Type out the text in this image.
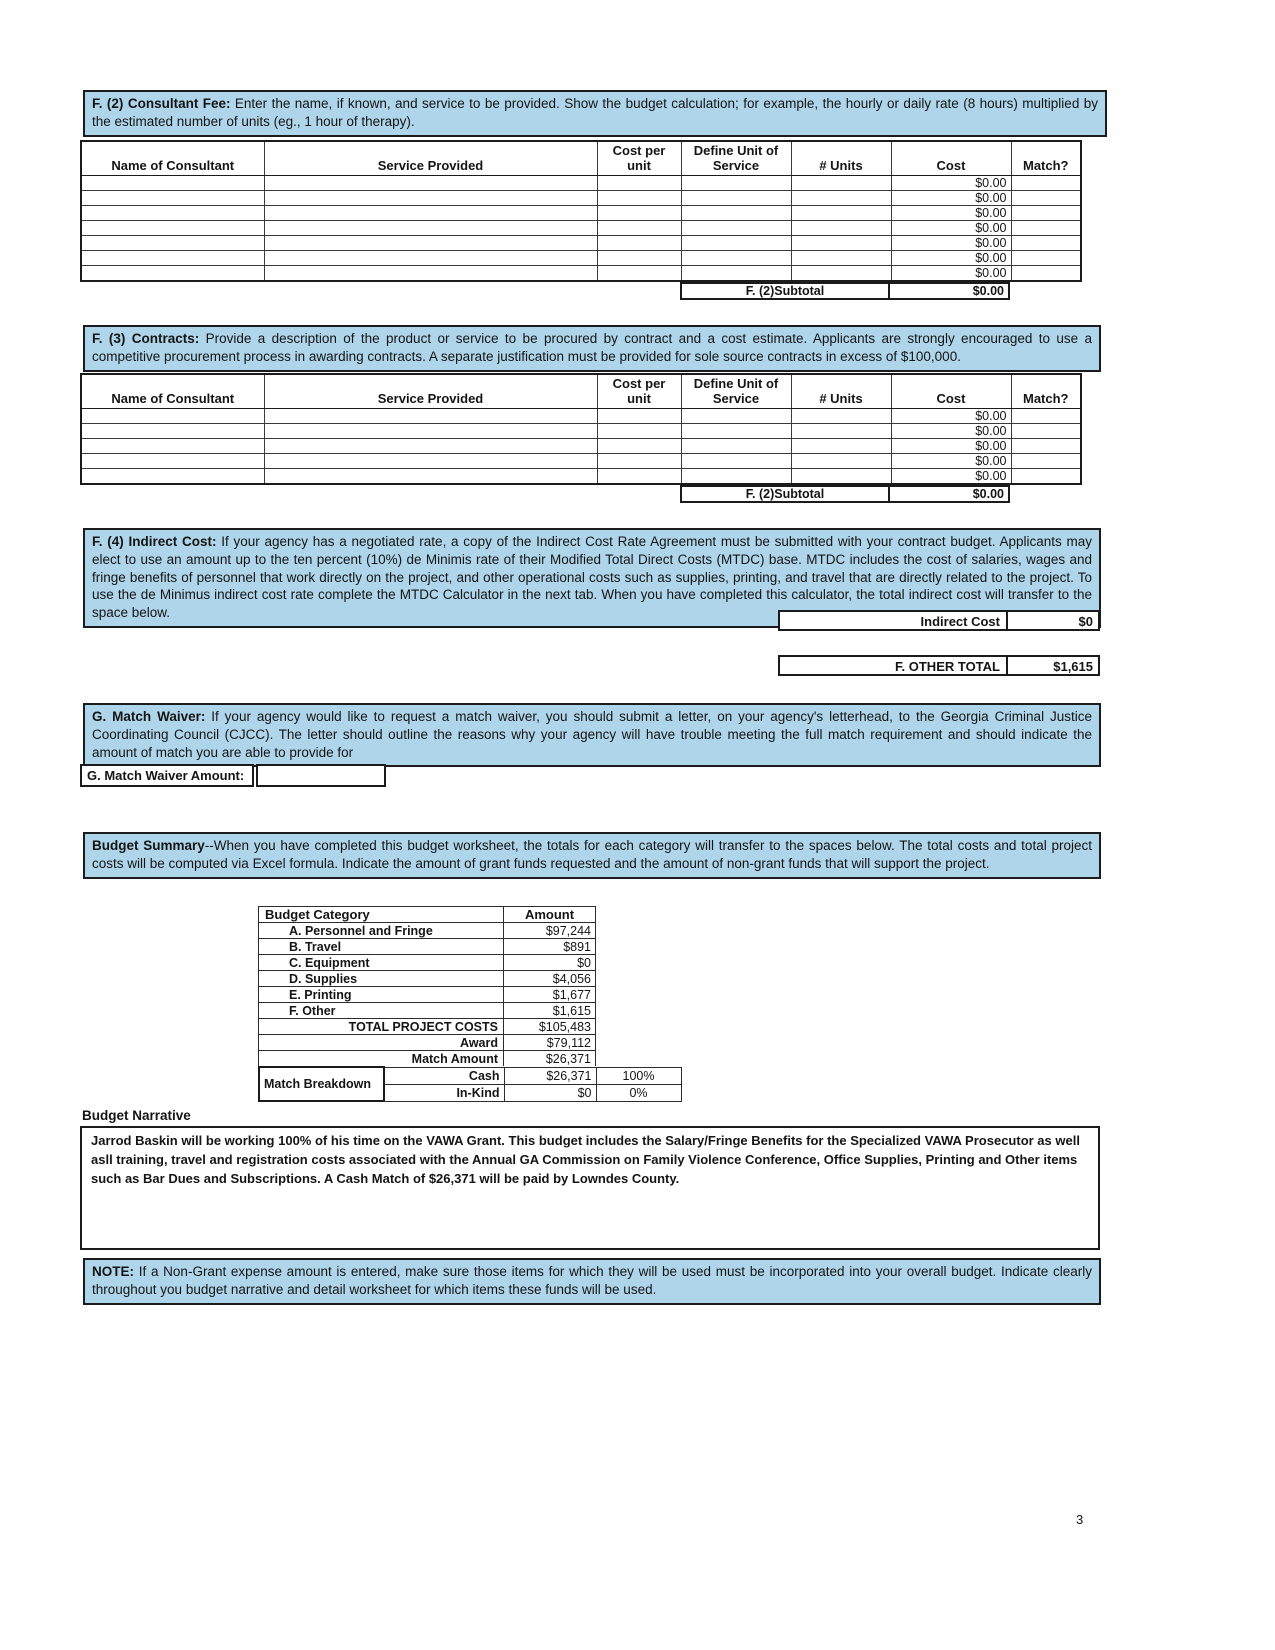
F. (2) Consultant Fee: Enter the name, if known, and service to be provided. Show the budget calculation; for example, the hourly or daily rate (8 hours) multiplied by the estimated number of units (eg., 1 hour of therapy).
Name of Consultant	Service Provided	Cost per unit	Define Unit of Service	# Units	Cost	Match?
					$0.00	
					$0.00	
					$0.00	
					$0.00	
					$0.00	
					$0.00	
					$0.00	
F. (2)Subtotal	$0.00
F. (3) Contracts: Provide a description of the product or service to be procured by contract and a cost estimate. Applicants are strongly encouraged to use a competitive procurement process in awarding contracts. A separate justification must be provided for sole source contracts in excess of $100,000.
Name of Consultant	Service Provided	Cost per unit	Define Unit of Service	# Units	Cost	Match?
					$0.00	
					$0.00	
					$0.00	
					$0.00	
					$0.00	
F. (2)Subtotal	$0.00
F. (4) Indirect Cost: If your agency has a negotiated rate, a copy of the Indirect Cost Rate Agreement must be submitted with your contract budget. Applicants may elect to use an amount up to the ten percent (10%) de Minimis rate of their Modified Total Direct Costs (MTDC) base. MTDC includes the cost of salaries, wages and fringe benefits of personnel that work directly on the project, and other operational costs such as supplies, printing, and travel that are directly related to the project. To use the de Minimus indirect cost rate complete the MTDC Calculator in the next tab. When you have completed this calculator, the total indirect cost will transfer to the space below.
Indirect Cost	$0
F. OTHER TOTAL	$1,615
G. Match Waiver: If your agency would like to request a match waiver, you should submit a letter, on your agency's letterhead, to the Georgia Criminal Justice Coordinating Council (CJCC). The letter should outline the reasons why your agency will have trouble meeting the full match requirement and should indicate the amount of match you are able to provide for
G. Match Waiver Amount:
Budget Summary--When you have completed this budget worksheet, the totals for each category will transfer to the spaces below. The total costs and total project costs will be computed via Excel formula. Indicate the amount of grant funds requested and the amount of non-grant funds that will support the project.
Budget Category	Amount
A. Personnel and Fringe	$97,244
B. Travel	$891
C. Equipment	$0
D. Supplies	$4,056
E. Printing	$1,677
F. Other	$1,615
TOTAL PROJECT COSTS	$105,483
Award	$79,112
Match Amount	$26,371
Match Breakdown	Cash	$26,371	100%
	In-Kind	$0	0%
Budget Narrative
Jarrod Baskin will be working 100% of his time on the VAWA Grant. This budget includes the Salary/Fringe Benefits for the Specialized VAWA Prosecutor as well asll training, travel and registration costs associated with the Annual GA Commission on Family Violence Conference, Office Supplies, Printing and Other items such as Bar Dues and Subscriptions. A Cash Match of $26,371 will be paid by Lowndes County.
NOTE: If a Non-Grant expense amount is entered, make sure those items for which they will be used must be incorporated into your overall budget. Indicate clearly throughout you budget narrative and detail worksheet for which items these funds will be used.
3
